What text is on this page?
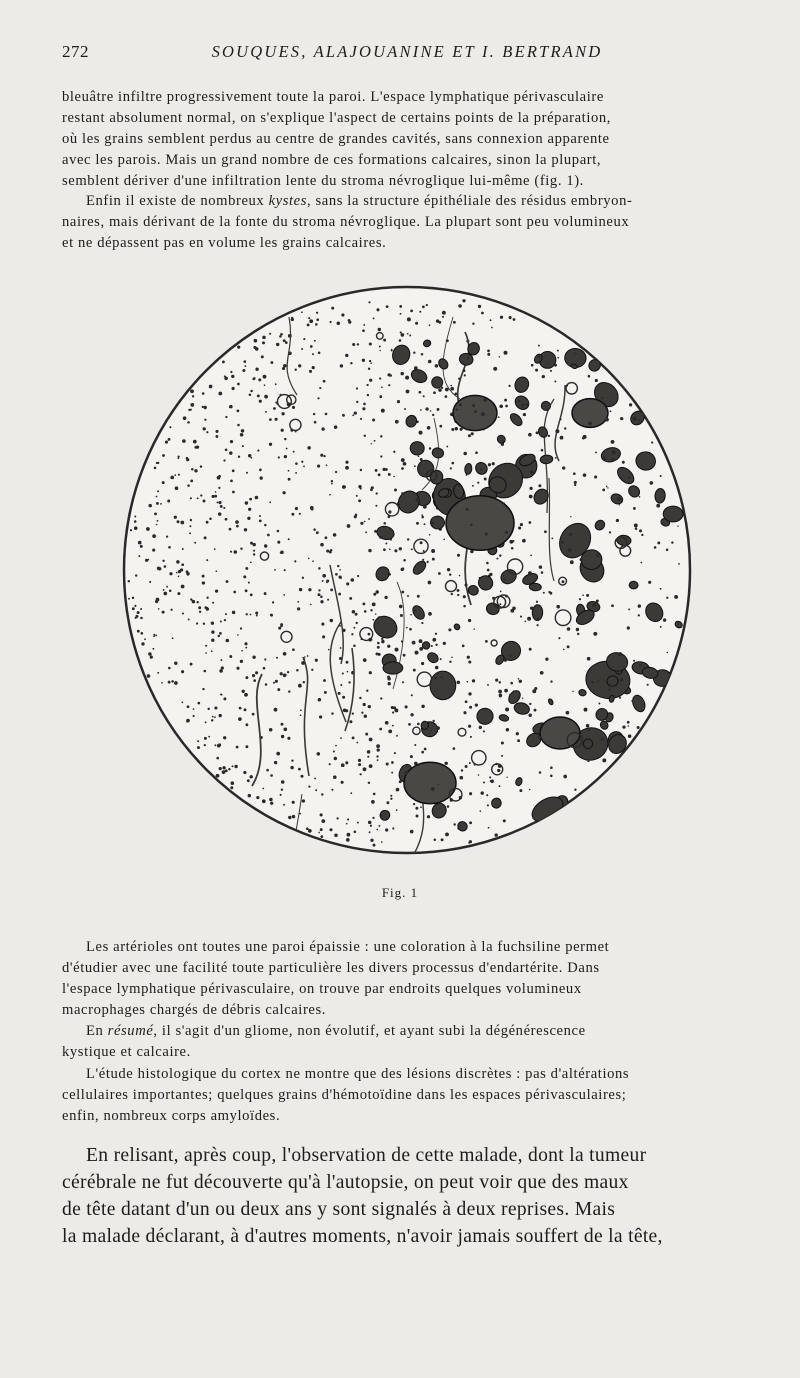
272	SOUQUES, ALAJOUANINE ET I. BERTRAND

bleuâtre infiltre progressivement toute la paroi. L'espace lymphatique périvasculaire
restant absolument normal, on s'explique l'aspect de certains points de la préparation,
où les grains semblent perdus au centre de grandes cavités, sans connexion apparente
avec les parois. Mais un grand nombre de ces formations calcaires, sinon la plupart,
semblent dériver d'une infiltration lente du stroma névroglique lui-même (fig. 1).

Enfin il existe de nombreux kystes, sans la structure épithéliale des résidus embryon-
naires, mais dérivant de la fonte du stroma névroglique. La plupart sont peu volumineux
et ne dépassent pas en volume les grains calcaires.

Fig. 1

Les artérioles ont toutes une paroi épaissie : une coloration à la fuchsiline permet
d'étudier avec une facilité toute particulière les divers processus d'endartérite. Dans
l'espace lymphatique périvasculaire, on trouve par endroits quelques volumineux
macrophages chargés de débris calcaires.

En résumé, il s'agit d'un gliome, non évolutif, et ayant subi la dégénérescence
kystique et calcaire.

L'étude histologique du cortex ne montre que des lésions discrètes : pas d'altérations
cellulaires importantes; quelques grains d'hémotoïdine dans les espaces périvasculaires;
enfin, nombreux corps amyloïdes.

En relisant, après coup, l'observation de cette malade, dont la tumeur
cérébrale ne fut découverte qu'à l'autopsie, on peut voir que des maux
de tête datant d'un ou deux ans y sont signalés à deux reprises. Mais
la malade déclarant, à d'autres moments, n'avoir jamais souffert de la tête,
